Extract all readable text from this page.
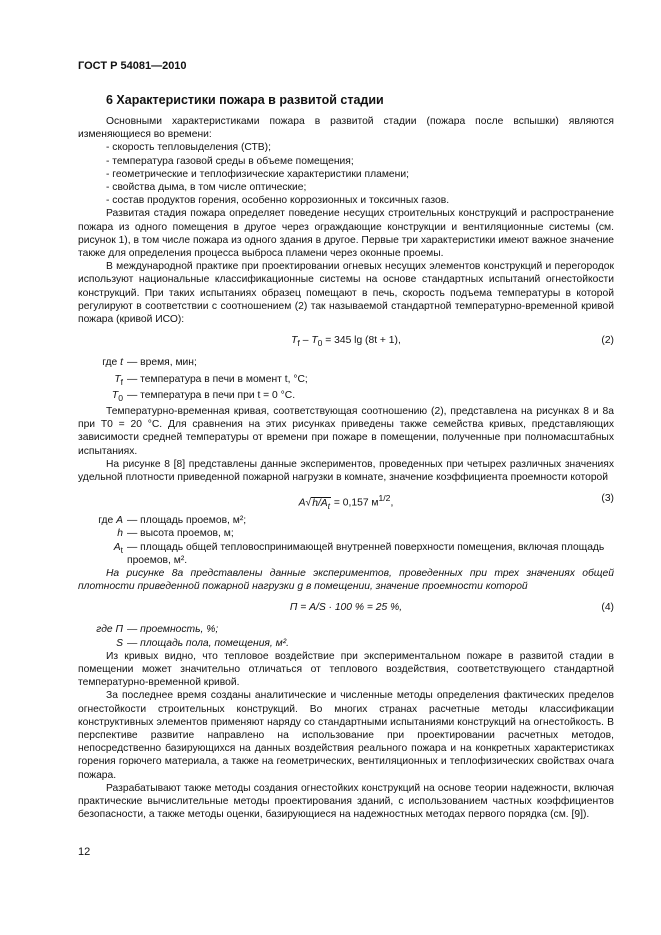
ГОСТ Р 54081—2010
6 Характеристики пожара в развитой стадии

Основными характеристиками пожара в развитой стадии (пожара после вспышки) являются изменяющиеся во времени:

- скорость тепловыделения (СТВ);
- температура газовой среды в объеме помещения;
- геометрические и теплофизические характеристики пламени;
- свойства дыма, в том числе оптические;
- состав продуктов горения, особенно коррозионных и токсичных газов.

Развитая стадия пожара определяет поведение несущих строительных конструкций и распространение пожара из одного помещения в другое через ограждающие конструкции и вентиляционные системы (см. рисунок 1), в том числе пожара из одного здания в другое. Первые три характеристики имеют важное значение также для определения процесса выброса пламени через оконные проемы.

В международной практике при проектировании огневых несущих элементов конструкций и перегородок используют национальные классификационные системы на основе стандартных испытаний огнестойкости конструкций. При таких испытаниях образец помещают в печь, скорость подъема температуры в которой регулируют в соответствии с соотношением (2) так называемой стандартной температурно-временной кривой пожара (кривой ИСО):

$T_f - T_0 = 345$ lg (8t + 1),	(2)
где t — время, мин;
$T_f$ — температура в печи в момент t, °C;
$T_0$ — температура в печи при t = 0 °C.

Температурно-временная кривая, соответствующая соотношению (2), представлена на рисунках 8 и 8а при T0 = 20 °C. Для сравнения на этих рисунках приведены также семейства кривых, представляющих зависимости средней температуры от времени при пожаре в помещении, полученные при полномасштабных испытаниях.

На рисунке 8 [8] представлены данные экспериментов, проведенных при четырех различных значениях удельной плотности приведенной пожарной нагрузки в комнате, значение коэффициента проемности которой

$A√h/A_t = 0,157$ $м^{1/2}$,	(3)
где A — площадь проемов, м²;
h — высота проемов, м;
$A_t$ — площадь общей тепловоспринимающей внутренней поверхности помещения, включая площадь проемов, м².

На рисунке 8а представлены данные экспериментов, проведенных при трех значениях общей плотности приведенной пожарной нагрузки g в помещении, значение проемности которой

П = A/S · 100 % = 25 %,	(4)
где П — проемность, %;
S — площадь пола, помещения, м².

Из кривых видно, что тепловое воздействие при экспериментальном пожаре в развитой стадии в помещении может значительно отличаться от теплового воздействия, соответствующего стандартной температурно-временной кривой.

За последнее время созданы аналитические и численные методы определения фактических пределов огнестойкости строительных конструкций. Во многих странах расчетные методы классификации конструктивных элементов применяют наряду со стандартными испытаниями конструкций на огнестойкость. В перспективе развитие направлено на использование при проектировании расчетных методов, непосредственно базирующихся на данных воздействия реального пожара и на конкретных характеристиках горения горючего материала, а также на геометрических, вентиляционных и теплофизических свойствах очага пожара.

Разрабатывают также методы создания огнестойких конструкций на основе теории надежности, включая практические вычислительные методы проектирования зданий, с использованием частных коэффициентов безопасности, а также методы оценки, базирующиеся на надежностных методах первого порядка (см. [9]).

12
